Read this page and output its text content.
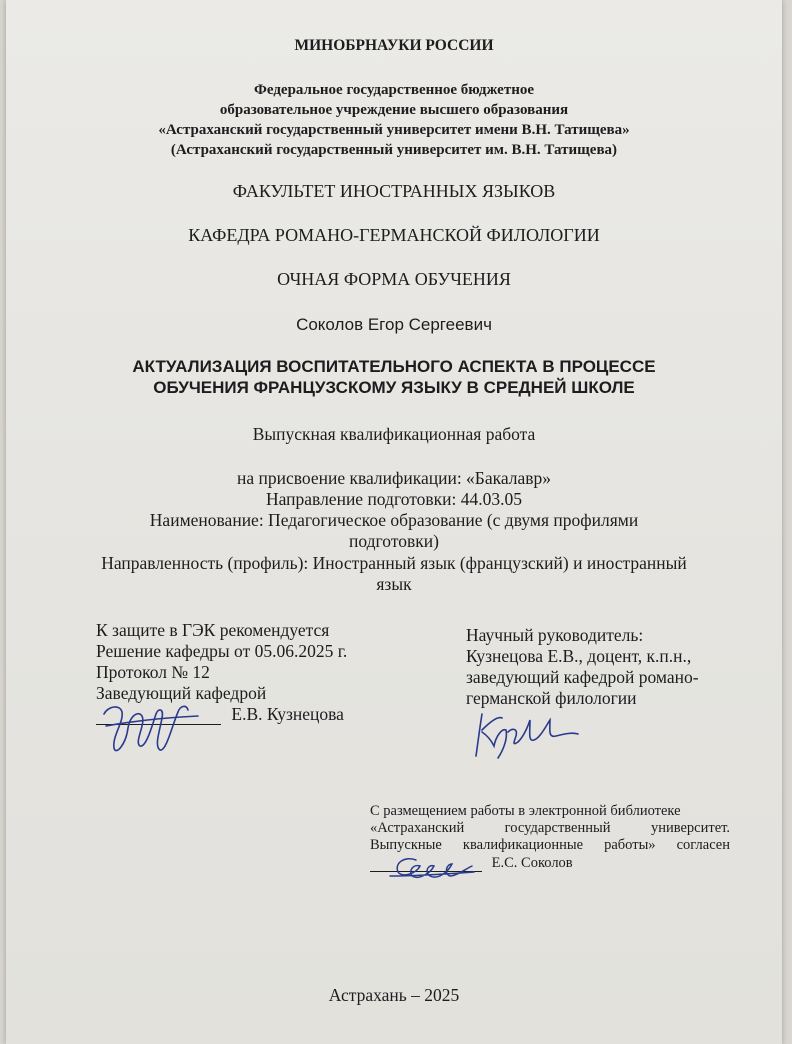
МИНОБРНАУКИ РОССИИ
Федеральное государственное бюджетное
образовательное учреждение высшего образования
«Астраханский государственный университет имени В.Н. Татищева»
(Астраханский государственный университет им. В.Н. Татищева)
ФАКУЛЬТЕТ ИНОСТРАННЫХ ЯЗЫКОВ
КАФЕДРА РОМАНО-ГЕРМАНСКОЙ ФИЛОЛОГИИ
ОЧНАЯ ФОРМА ОБУЧЕНИЯ
Соколов Егор Сергеевич
АКТУАЛИЗАЦИЯ ВОСПИТАТЕЛЬНОГО АСПЕКТА В ПРОЦЕССЕ
ОБУЧЕНИЯ ФРАНЦУЗСКОМУ ЯЗЫКУ В СРЕДНЕЙ ШКОЛЕ
Выпускная квалификационная работа
на присвоение квалификации: «Бакалавр»
Направление подготовки: 44.03.05
Наименование: Педагогическое образование (с двумя профилями
подготовки)
Направленность (профиль): Иностранный язык (французский) и иностранный
язык
К защите в ГЭК рекомендуется
Решение кафедры от 05.06.2025 г.
Протокол № 12
Заведующий кафедрой
Е.В. Кузнецова
Научный руководитель:
Кузнецова Е.В., доцент, к.п.н.,
заведующий кафедрой романо-
германской филологии
С размещением работы в электронной библиотеке
«Астраханский государственный университет.
Выпускные квалификационные работы» согласен
Е.С. Соколов
Астрахань – 2025
